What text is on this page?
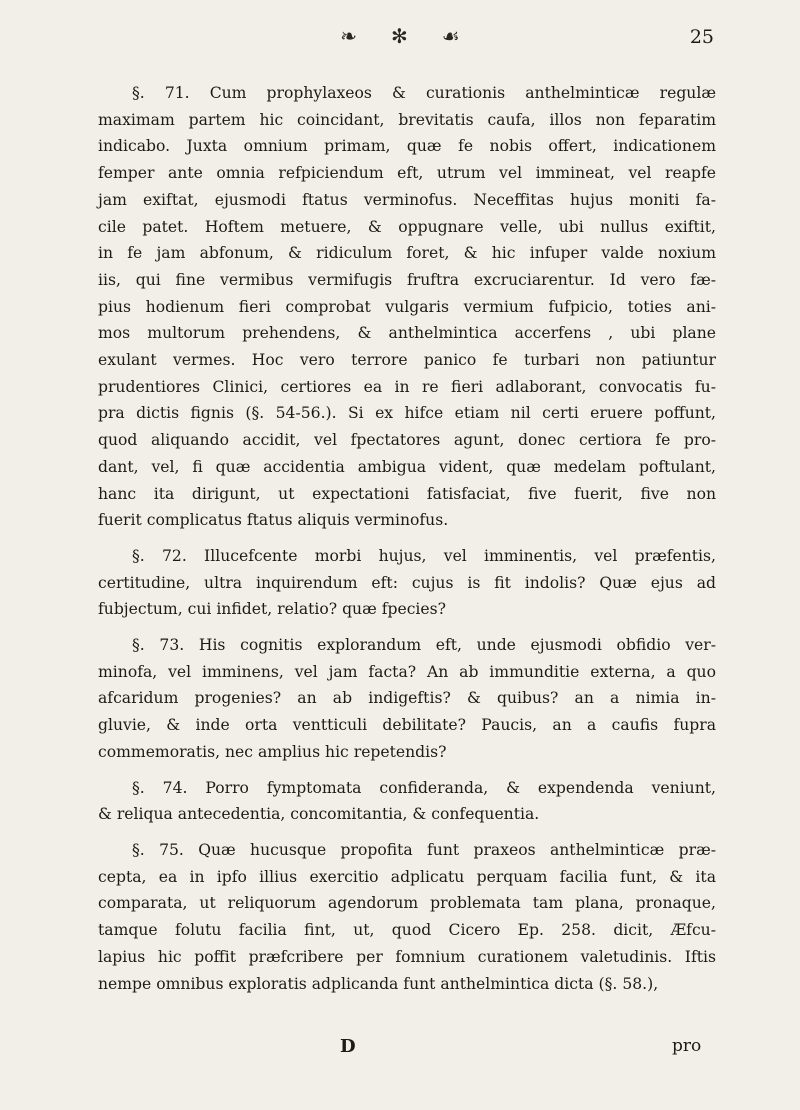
❧ ✻ ☙	25
§. 71. Cum prophylaxeos & curationis anthelminticæ regulæ
maximam partem hic coincidant, brevitatis caufa, illos non feparatim
indicabo. Juxta omnium primam, quæ fe nobis offert, indicationem
femper ante omnia refpiciendum eft, utrum vel immineat, vel reapfe
jam exiftat, ejusmodi ftatus verminofus. Neceffitas hujus moniti fa-
cile patet. Hoftem metuere, & oppugnare velle, ubi nullus exiftit,
in fe jam abfonum, & ridiculum foret, & hic infuper valde noxium
iis, qui fine vermibus vermifugis fruftra excruciarentur. Id vero fæ-
pius hodienum fieri comprobat vulgaris vermium fufpicio, toties ani-
mos multorum prehendens, & anthelmintica accerfens , ubi plane
exulant vermes. Hoc vero terrore panico fe turbari non patiuntur
prudentiores Clinici, certiores ea in re fieri adlaborant, convocatis fu-
pra dictis fignis (§. 54-56.). Si ex hifce etiam nil certi eruere poffunt,
quod aliquando accidit, vel fpectatores agunt, donec certiora fe pro-
dant, vel, fi quæ accidentia ambigua vident, quæ medelam poftulant,
hanc ita dirigunt, ut expectationi fatisfaciat, five fuerit, five non
fuerit complicatus ftatus aliquis verminofus.
§. 72. Illucefcente morbi hujus, vel imminentis, vel præfentis,
certitudine, ultra inquirendum eft: cujus is fit indolis? Quæ ejus ad
fubjectum, cui infidet, relatio? quæ fpecies?
§. 73. His cognitis explorandum eft, unde ejusmodi obfidio ver-
minofa, vel imminens, vel jam facta? An ab immunditie externa, a quo
afcaridum progenies? an ab indigeftis? & quibus? an a nimia in-
gluvie, & inde orta ventticuli debilitate? Paucis, an a caufis fupra
commemoratis, nec amplius hic repetendis?
§. 74. Porro fymptomata confideranda, & expendenda veniunt,
& reliqua antecedentia, concomitantia, & confequentia.
§. 75. Quæ hucusque propofita funt praxeos anthelminticæ præ-
cepta, ea in ipfo illius exercitio adplicatu perquam facilia funt, & ita
comparata, ut reliquorum agendorum problemata tam plana, pronaque,
tamque folutu facilia fint, ut, quod Cicero Ep. 258. dicit, Æfcu-
lapius hic poffit præfcribere per fomnium curationem valetudinis. Iftis
nempe omnibus exploratis adplicanda funt anthelmintica dicta (§. 58.),
D	pro
